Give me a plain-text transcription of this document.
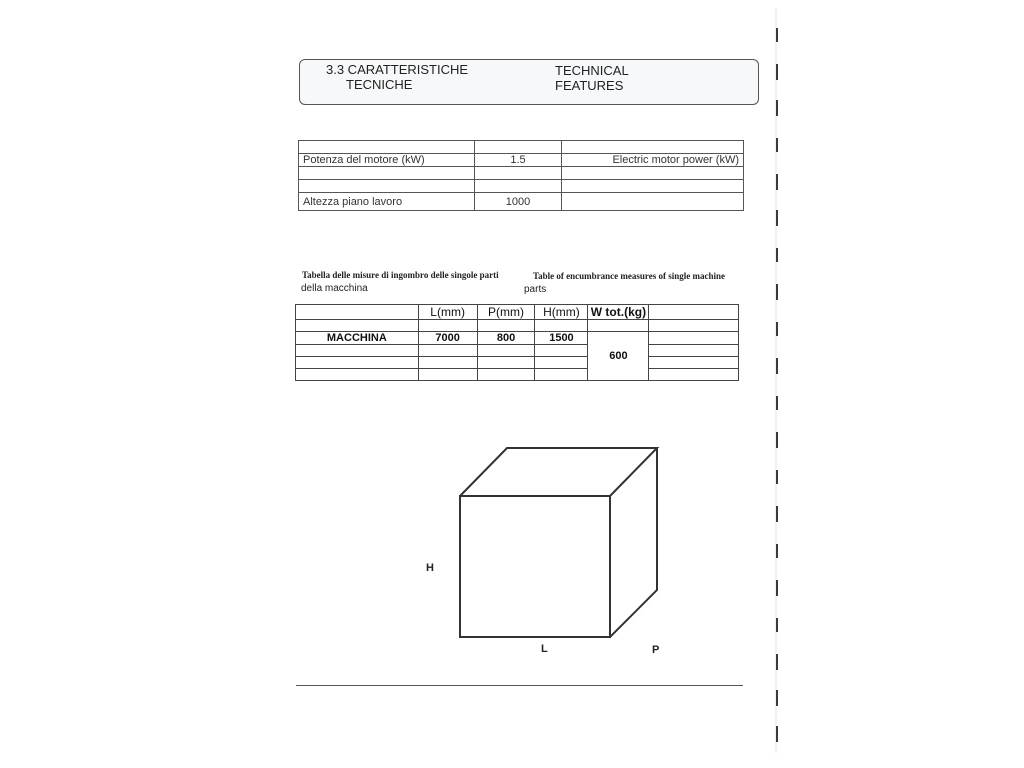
3.3 CARATTERISTICHE
TECNICHE
TECHNICAL
FEATURES

Potenza del motore (kW)	1.5	Electric motor power (kW)

Altezza piano lavoro	1000	
Tabella delle misure di ingombro delle singole parti
della macchina
Table of encumbrance measures of single machine
parts
	L(mm)	P(mm)	H(mm)	W tot.(kg)	

MACCHINA	7000	800	1500	600	

H
L	P
